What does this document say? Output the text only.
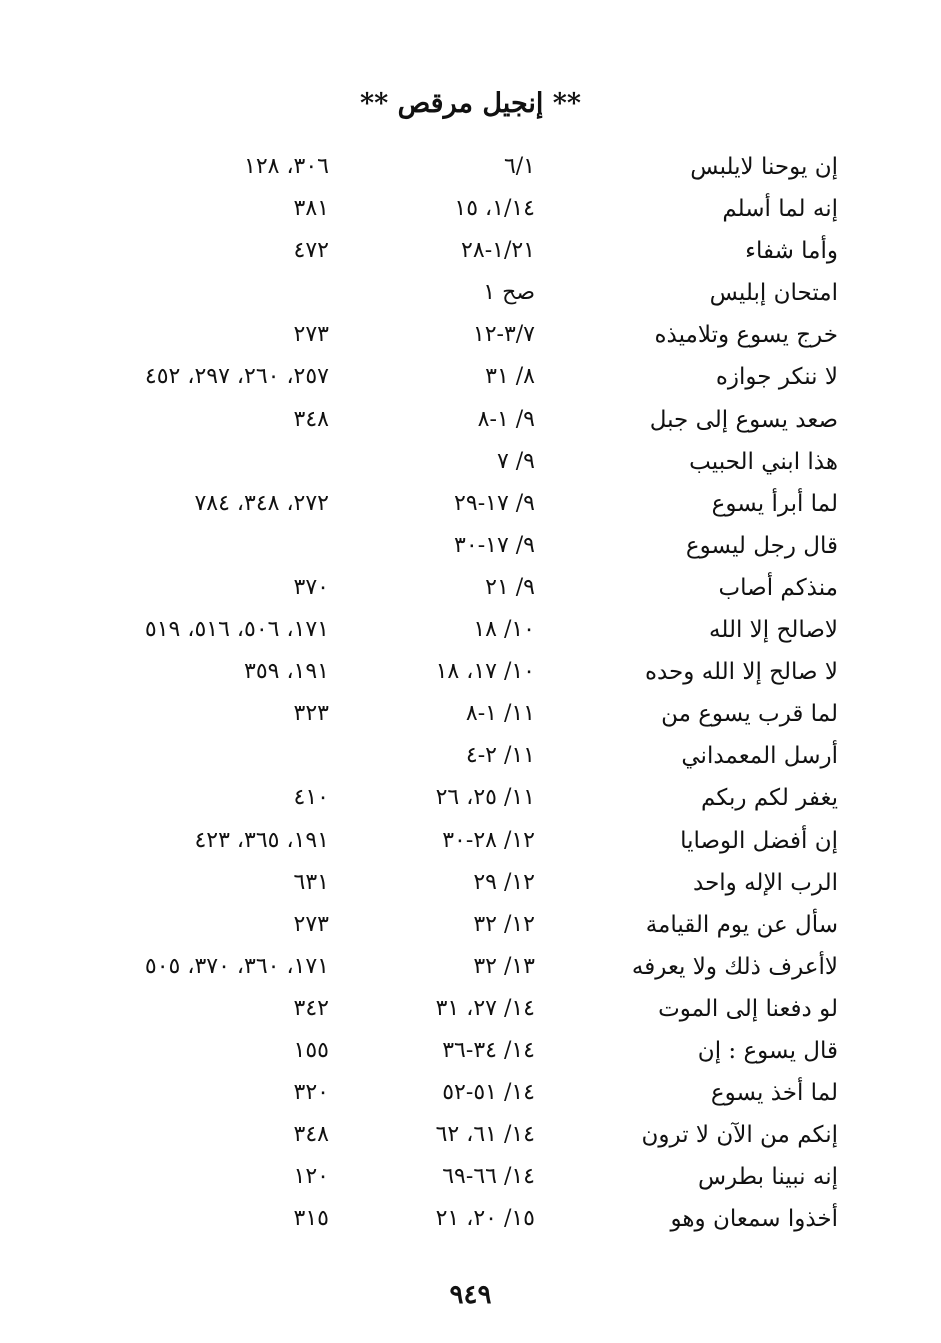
** إنجيل مرقص **
إن يوحنا لايلبس
٦/١
٣٠٦، ١٢٨
إنه لما أسلم
١/١٤، ١٥
٣٨١
وأما شفاء
١/٢١-٢٨
٤٧٢
امتحان إبليس
صح ١
خرج يسوع وتلاميذه
٣/٧-١٢
٢٧٣
لا ننكر جوازه
٨/ ٣١
٢٥٧، ٢٦٠، ٢٩٧، ٤٥٢
صعد يسوع إلى جبل
٩/ ١-٨
٣٤٨
هذا ابني الحبيب
٩/ ٧
لما أبرأ يسوع
٩/ ١٧-٢٩
٢٧٢، ٣٤٨، ٧٨٤
قال رجل ليسوع
٩/ ١٧-٣٠
منذكم أصاب
٩/ ٢١
٣٧٠
لاصالح إلا الله
١٠/ ١٨
١٧١، ٥٠٦، ٥١٦، ٥١٩
لا صالح إلا الله وحده
١٠/ ١٧، ١٨
١٩١، ٣٥٩
لما قرب يسوع من
١١/ ١-٨
٣٢٣
أرسل المعمداني
١١/ ٢-٤
يغفر لكم ربكم
١١/ ٢٥، ٢٦
٤١٠
إن أفضل الوصايا
١٢/ ٢٨-٣٠
١٩١، ٣٦٥، ٤٢٣
الرب الإله واحد
١٢/ ٢٩
٦٣١
سأل عن يوم القيامة
١٢/ ٣٢
٢٧٣
لاأعرف ذلك ولا يعرفه
١٣/ ٣٢
١٧١، ٣٦٠، ٣٧٠، ٥٠٥
لو دفعنا إلى الموت
١٤/ ٢٧، ٣١
٣٤٢
قال يسوع : إن
١٤/ ٣٤-٣٦
١٥٥
لما أخذ يسوع
١٤/ ٥١-٥٢
٣٢٠
إنكم من الآن لا ترون
١٤/ ٦١، ٦٢
٣٤٨
إنه نبينا بطرس
١٤/ ٦٦-٦٩
١٢٠
أخذوا سمعان وهو
١٥/ ٢٠، ٢١
٣١٥
٩٤٩
